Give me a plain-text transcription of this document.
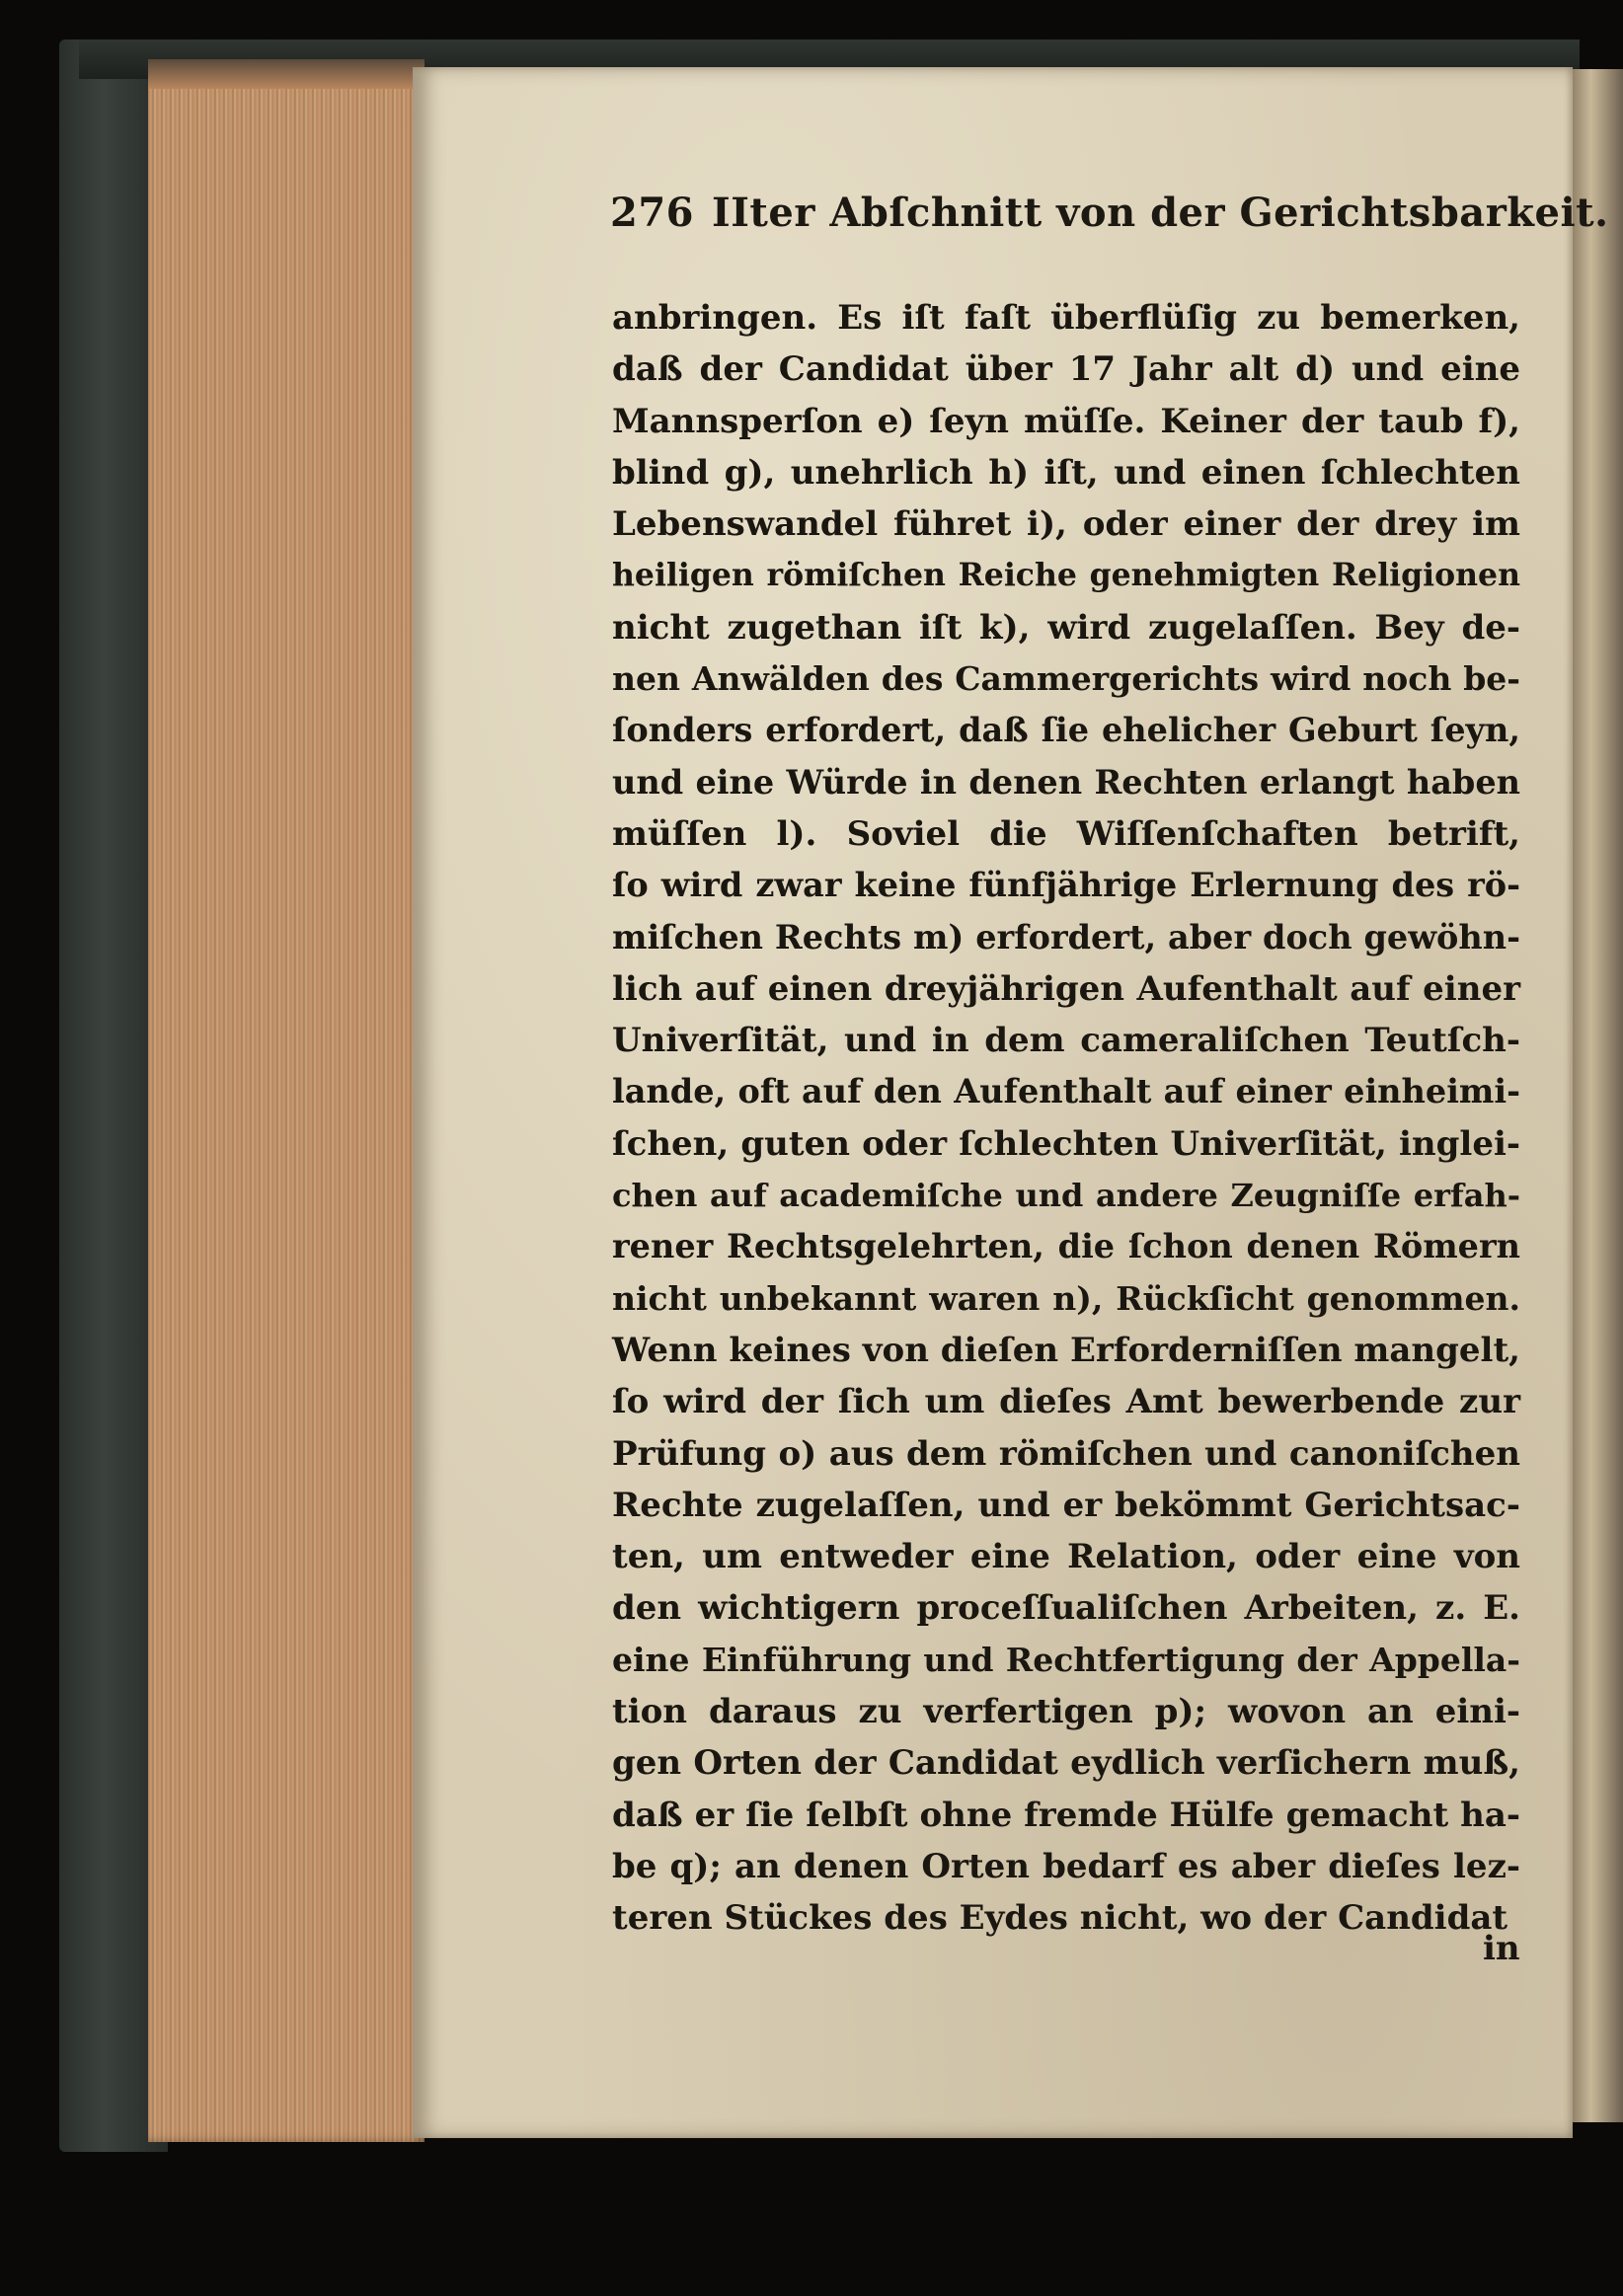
276 IIter Abſchnitt von der Gerichtsbarkeit.
anbringen. Es iſt faſt überflüſig zu bemerken,
daß der Candidat über 17 Jahr alt d) und eine
Mannsperſon e) ſeyn müſſe. Keiner der taub f),
blind g), unehrlich h) iſt, und einen ſchlechten
Lebenswandel führet i), oder einer der drey im
heiligen römiſchen Reiche genehmigten Religionen
nicht zugethan iſt k), wird zugelaſſen. Bey de-
nen Anwälden des Cammergerichts wird noch be-
ſonders erfordert, daß ſie ehelicher Geburt ſeyn,
und eine Würde in denen Rechten erlangt haben
müſſen l). Soviel die Wiſſenſchaften betrift,
ſo wird zwar keine fünfjährige Erlernung des rö-
miſchen Rechts m) erfordert, aber doch gewöhn-
lich auf einen dreyjährigen Aufenthalt auf einer
Univerſität, und in dem cameraliſchen Teutſch-
lande, oft auf den Aufenthalt auf einer einheimi-
ſchen, guten oder ſchlechten Univerſität, inglei-
chen auf academiſche und andere Zeugniſſe erfah-
rener Rechtsgelehrten, die ſchon denen Römern
nicht unbekannt waren n), Rückſicht genommen.
Wenn keines von dieſen Erforderniſſen mangelt,
ſo wird der ſich um dieſes Amt bewerbende zur
Prüfung o) aus dem römiſchen und canoniſchen
Rechte zugelaſſen, und er bekömmt Gerichtsac-
ten, um entweder eine Relation, oder eine von
den wichtigern proceſſualiſchen Arbeiten, z. E.
eine Einführung und Rechtfertigung der Appella-
tion daraus zu verfertigen p); wovon an eini-
gen Orten der Candidat eydlich verſichern muß,
daß er ſie ſelbſt ohne fremde Hülfe gemacht ha-
be q); an denen Orten bedarf es aber dieſes lez-
teren Stückes des Eydes nicht, wo der Candidat
in
